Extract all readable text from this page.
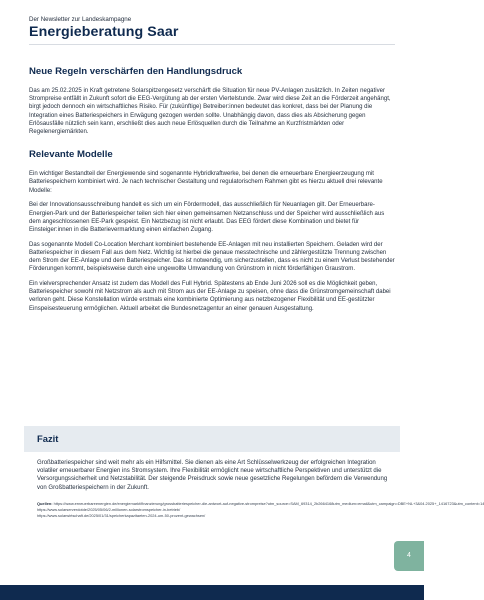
Der Newsletter zur Landeskampagne
Energieberatung Saar
Neue Regeln verschärfen den Handlungsdruck

Das am 25.02.2025 in Kraft getretene Solarspitzengesetz verschärft die Situation für neue PV-Anlagen zusätzlich. In Zeiten negativer Strompreise entfällt in Zukunft sofort die EEG-Vergütung ab der ersten Viertelstunde. Zwar wird diese Zeit an die Förderzeit angehängt, birgt jedoch dennoch ein wirtschaftliches Risiko. Für (zukünftige) Betreiber:innen bedeutet das konkret, dass bei der Planung die Integration eines Batteriespeichers in Erwägung gezogen werden sollte. Unabhängig davon, dass dies als Absicherung gegen Erlösausfälle nützlich sein kann, erschließt dies auch neue Erlösquellen durch die Teilnahme an Kurzfristmärkten oder Regelenergiemärkten.

Relevante Modelle

Ein wichtiger Bestandteil der Energiewende sind sogenannte Hybridkraftwerke, bei denen die erneuerbare Energieerzeugung mit Batteriespeichern kombiniert wird. Je nach technischer Gestaltung und regulatorischem Rahmen gibt es hierzu aktuell drei relevante Modelle:

Bei der Innovationsausschreibung handelt es sich um ein Fördermodell, das ausschließlich für Neuanlagen gilt. Der Erneuerbare-Energien-Park und der Batteriespeicher teilen sich hier einen gemeinsamen Netzanschluss und der Speicher wird ausschließlich aus dem angeschlossenen EE-Park gespeist. Ein Netzbezug ist nicht erlaubt. Das EEG fördert diese Kombination und bietet für Einsteiger:innen in die Batterievermarktung einen einfachen Zugang.

Das sogenannte Modell Co-Location Merchant kombiniert bestehende EE-Anlagen mit neu installierten Speichern. Geladen wird der Batteriespeicher in diesem Fall aus dem Netz. Wichtig ist hierbei die genaue messtechnische und zählergestützte Trennung zwischen dem Strom der EE-Anlage und dem Batteriespeicher. Das ist notwendig, um sicherzustellen, dass es nicht zu einem Verlust bestehender Förderungen kommt, beispielsweise durch eine ungewollte Umwandlung von Grünstrom in nicht förderfähigen Graustrom.

Ein vielversprechender Ansatz ist zudem das Modell des Full Hybrid. Spätestens ab Ende Juni 2026 soll es die Möglichkeit geben, Batteriespeicher sowohl mit Netzstrom als auch mit Strom aus der EE-Anlage zu speisen, ohne dass die Grünstromgemeinschaft dabei verloren geht. Diese Konstellation würde erstmals eine kombinierte Optimierung aus netzbezogener Flexibilität und EE-gestützter Einspeisesteuerung ermöglichen. Aktuell arbeitet die Bundesnetzagentur an einer genauen Ausgestaltung.

Fazit

Großbatteriespeicher sind weit mehr als ein Hilfsmittel. Sie dienen als eine Art Schlüsselwerkzeug der erfolgreichen Integration volatiler erneuerbarer Energien ins Stromsystem. Ihre Flexibilität ermöglicht neue wirtschaftliche Perspektiven und unterstützt die Versorgungssicherheit und Netzstabilität. Der steigende Preisdruck sowie neue gesetzliche Regelungen befördern die Verwendung von Großbatteriespeichern in der Zukunft.

Quellen: https://www.erneuerbareenergien.de/energiemarkt/finanzierung/grossbatteriespeicher-die-antwort-auf-negative-strompreise?utm_source=SAM_69314_2b2664168utm_medium=email&utm_campaign=DBE+NL+3&04.2025+_1416723&utm_content=14
https://www.solarserverdotde/2025/05/06/2-millionen-solarstromspeicher-in-betrieb/
https://www.solarwirtschaft.de/2025/01/31/speicherkapazitaeten-2024-um-50-prozent-gewachsen/
4
